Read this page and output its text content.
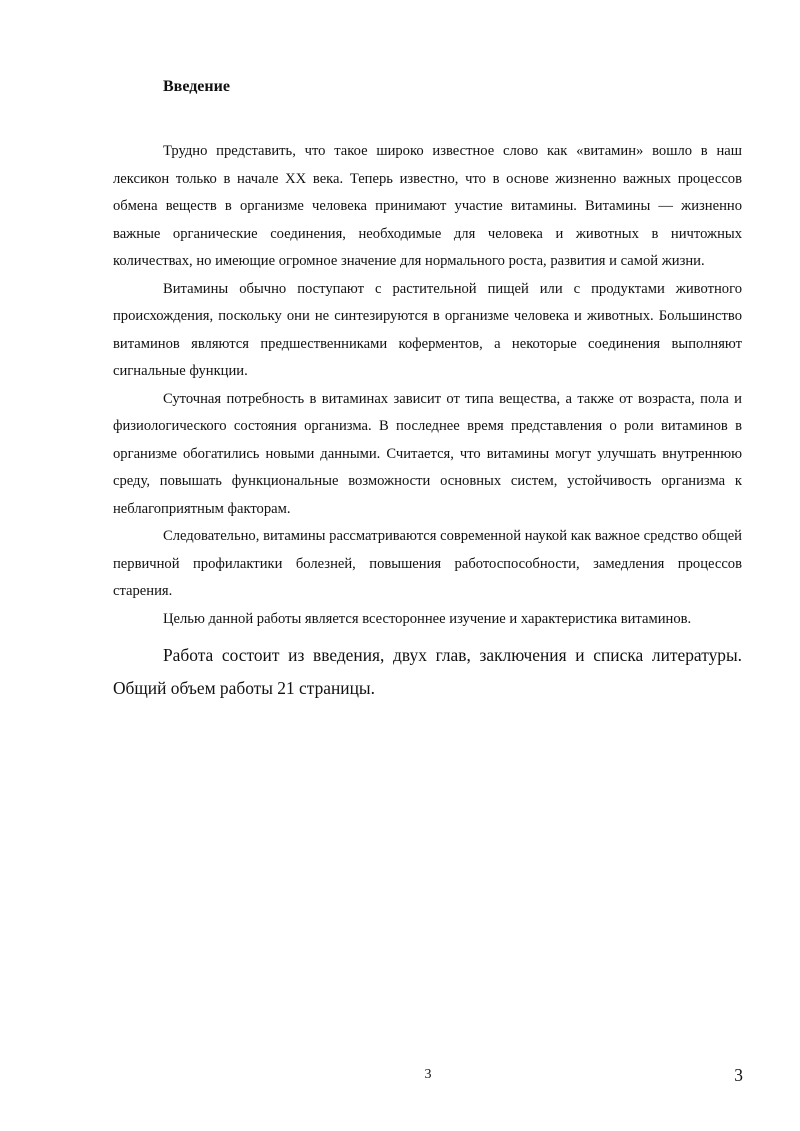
Введение

Трудно представить, что такое широко известное слово как «витамин» вошло в наш лексикон только в начале XX века. Теперь известно, что в основе жизненно важных процессов обмена веществ в организме человека принимают участие витамины. Витамины — жизненно важные органические соединения, необходимые для человека и животных в ничтожных количествах, но имеющие огромное значение для нормального роста, развития и самой жизни.

Витамины обычно поступают с растительной пищей или с продуктами животного происхождения, поскольку они не синтезируются в организме человека и животных. Большинство витаминов являются предшественниками коферментов, а некоторые соединения выполняют сигнальные функции.

Суточная потребность в витаминах зависит от типа вещества, а также от возраста, пола и физиологического состояния организма. В последнее время представления о роли витаминов в организме обогатились новыми данными. Считается, что витамины могут улучшать внутреннюю среду, повышать функциональные возможности основных систем, устойчивость организма к неблагоприятным факторам.

Следовательно, витамины рассматриваются современной наукой как важное средство общей первичной профилактики болезней, повышения работоспособности, замедления процессов старения.

Целью данной работы является всестороннее изучение и характеристика витаминов.

Работа состоит из введения, двух глав, заключения и списка литературы. Общий объем работы 21 страницы.

3	3
